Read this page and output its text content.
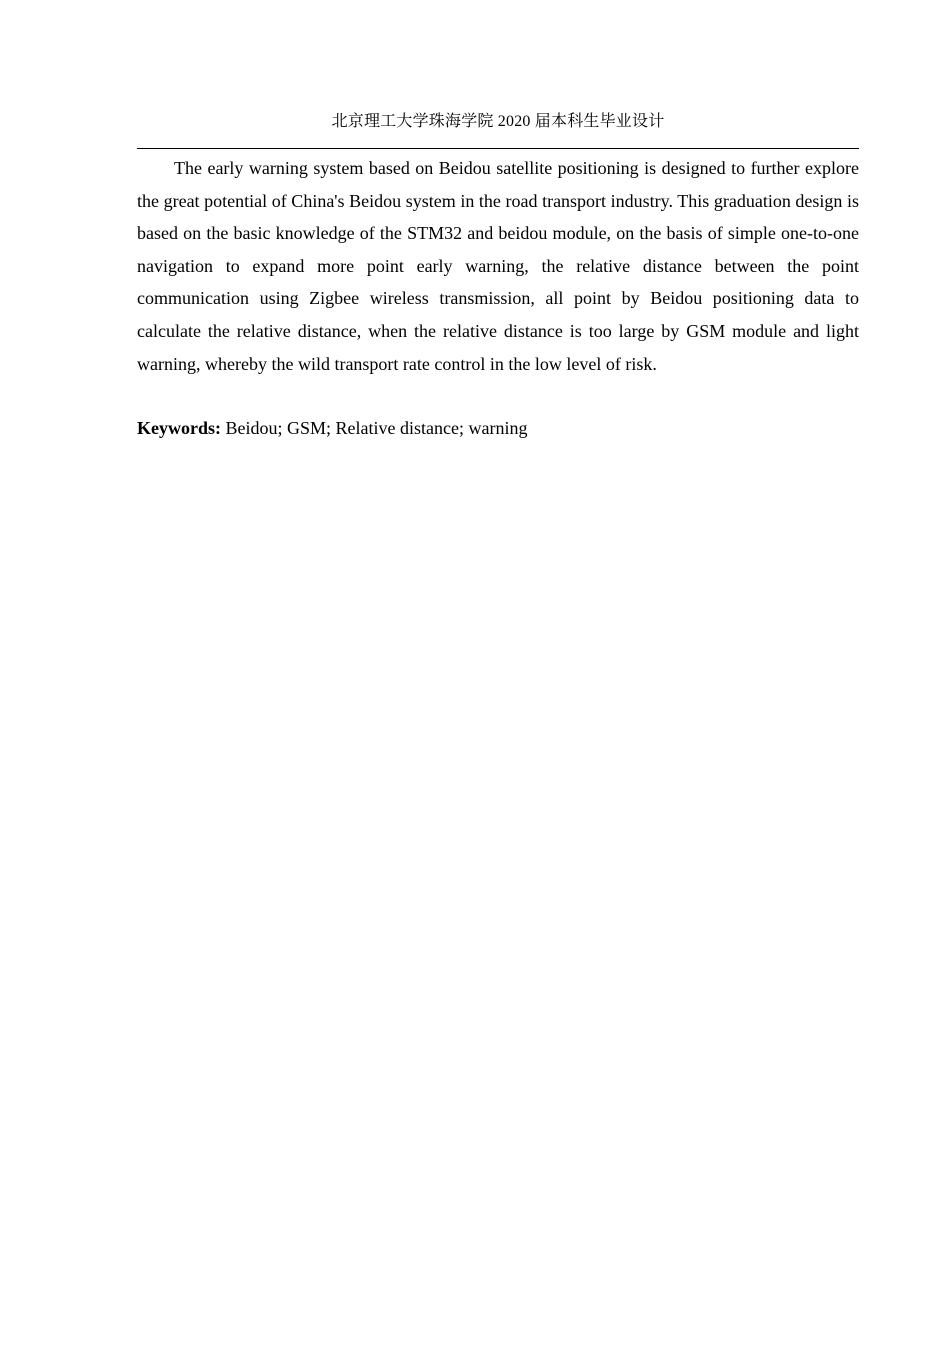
北京理工大学珠海学院 2020 届本科生毕业设计

The early warning system based on Beidou satellite positioning is designed to further explore the great potential of China's Beidou system in the road transport industry. This graduation design is based on the basic knowledge of the STM32 and beidou module, on the basis of simple one-to-one navigation to expand more point early warning, the relative distance between the point communication using Zigbee wireless transmission, all point by Beidou positioning data to calculate the relative distance, when the relative distance is too large by GSM module and light warning, whereby the wild transport rate control in the low level of risk.

Keywords: Beidou; GSM; Relative distance; warning
